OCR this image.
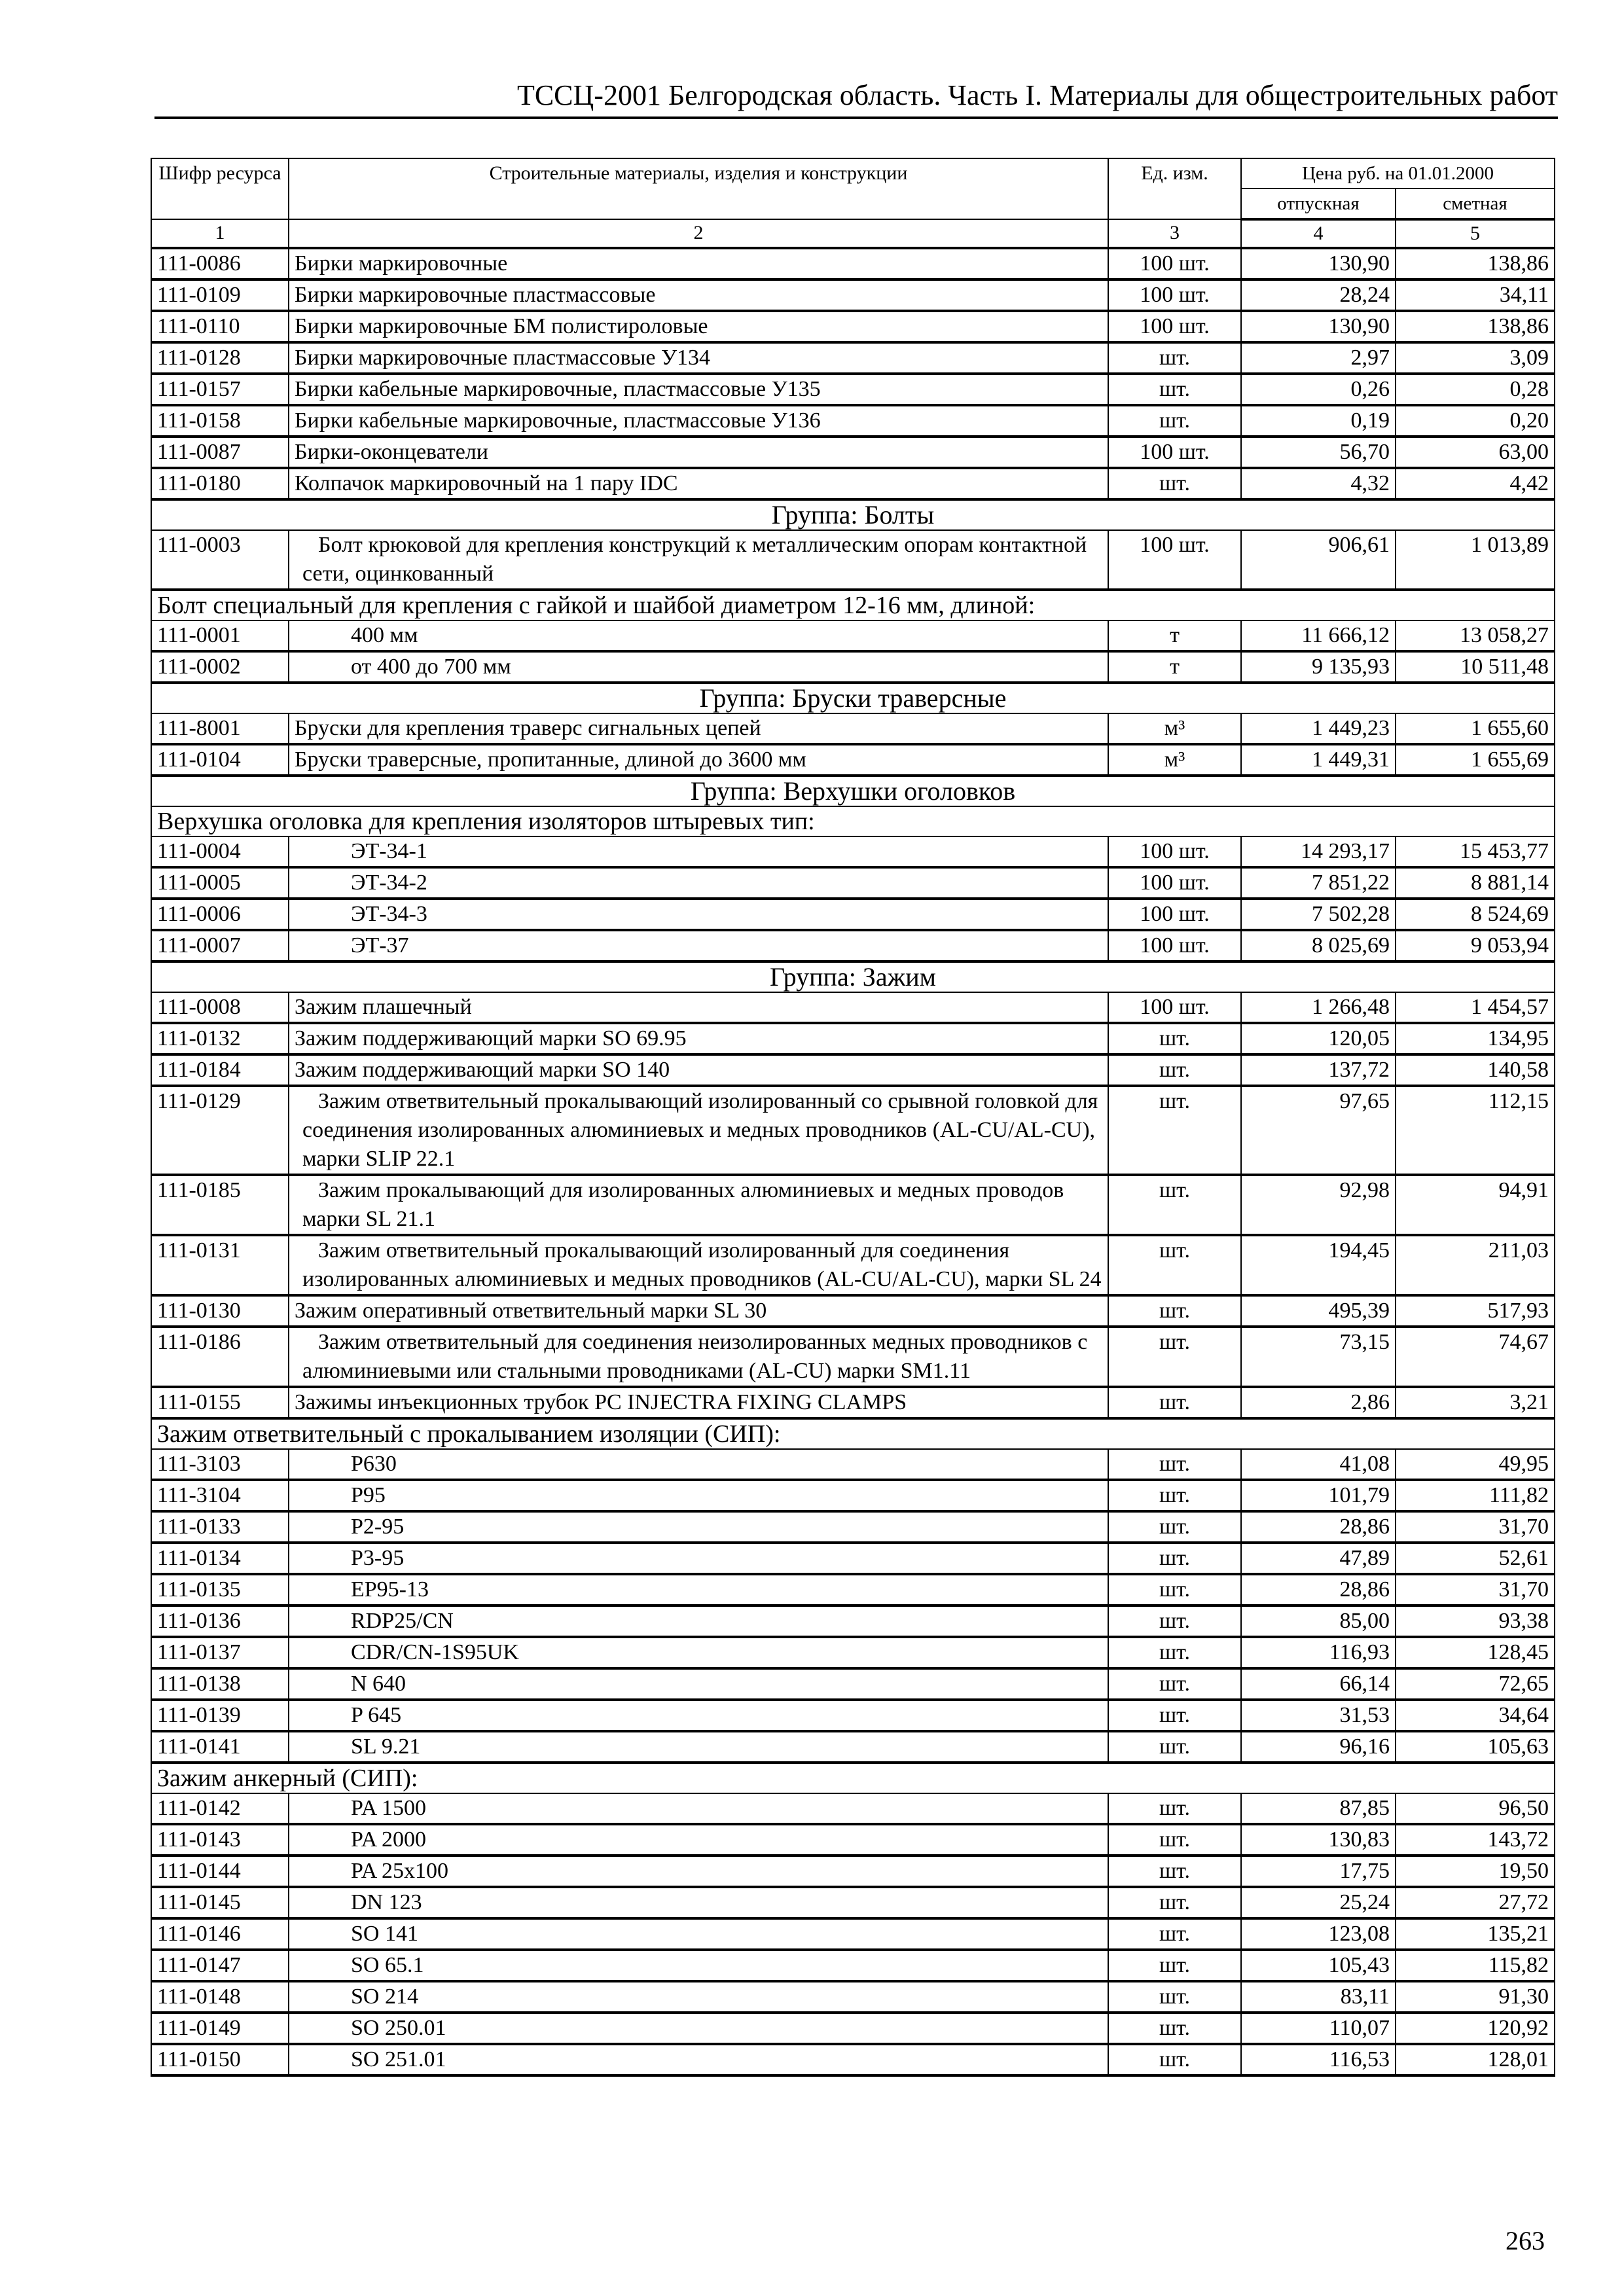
ТССЦ-2001 Белгородская область. Часть I. Материалы для общестроительных работ
Шифр ресурса	Строительные материалы, изделия и конструкции	Ед. изм.	Цена руб. на 01.01.2000	
			отпускная	сметная
1	2	3	4	5
111-0086	Бирки маркировочные	100 шт.	130,90	138,86
111-0109	Бирки маркировочные пластмассовые	100 шт.	28,24	34,11
111-0110	Бирки маркировочные БМ полистироловые	100 шт.	130,90	138,86
111-0128	Бирки маркировочные пластмассовые У134	шт.	2,97	3,09
111-0157	Бирки кабельные маркировочные, пластмассовые У135	шт.	0,26	0,28
111-0158	Бирки кабельные маркировочные, пластмассовые У136	шт.	0,19	0,20
111-0087	Бирки-оконцеватели	100 шт.	56,70	63,00
111-0180	Колпачок маркировочный на 1 пару IDC	шт.	4,32	4,42
Группа: Болты				
111-0003	Болт крюковой для крепления конструкций к металлическим опорам контактной сети, оцинкованный	100 шт.	906,61	1 013,89
Болт специальный для крепления с гайкой и шайбой диаметром 12-16 мм, длиной:				
111-0001	400 мм	т	11 666,12	13 058,27
111-0002	от 400 до 700 мм	т	9 135,93	10 511,48
Группа: Бруски траверсные				
111-8001	Бруски для крепления траверс сигнальных цепей	м³	1 449,23	1 655,60
111-0104	Бруски траверсные, пропитанные, длиной до 3600 мм	м³	1 449,31	1 655,69
Группа: Верхушки оголовков				
Верхушка оголовка для крепления изоляторов штыревых тип:				
111-0004	ЭТ-34-1	100 шт.	14 293,17	15 453,77
111-0005	ЭТ-34-2	100 шт.	7 851,22	8 881,14
111-0006	ЭТ-34-3	100 шт.	7 502,28	8 524,69
111-0007	ЭТ-37	100 шт.	8 025,69	9 053,94
Группа: Зажим				
111-0008	Зажим плашечный	100 шт.	1 266,48	1 454,57
111-0132	Зажим поддерживающий марки SO 69.95	шт.	120,05	134,95
111-0184	Зажим поддерживающий марки SO 140	шт.	137,72	140,58
111-0129	Зажим ответвительный прокалывающий изолированный со срывной головкой для соединения изолированных алюминиевых и медных проводников (AL-CU/AL-CU), марки SLIP 22.1	шт.	97,65	112,15
111-0185	Зажим прокалывающий для изолированных алюминиевых и медных проводов марки SL 21.1	шт.	92,98	94,91
111-0131	Зажим ответвительный прокалывающий изолированный для соединения изолированных алюминиевых и медных проводников (AL-CU/AL-CU), марки SL 24	шт.	194,45	211,03
111-0130	Зажим оперативный ответвительный марки SL 30	шт.	495,39	517,93
111-0186	Зажим ответвительный для соединения неизолированных медных проводников с алюминиевыми или стальными проводниками (AL-CU) марки SM1.11	шт.	73,15	74,67
111-0155	Зажимы инъекционных трубок PC INJECTRA FIXING CLAMPS	шт.	2,86	3,21
Зажим ответвительный с прокалыванием изоляции (СИП):				
111-3103	P630	шт.	41,08	49,95
111-3104	P95	шт.	101,79	111,82
111-0133	P2-95	шт.	28,86	31,70
111-0134	P3-95	шт.	47,89	52,61
111-0135	EP95-13	шт.	28,86	31,70
111-0136	RDP25/CN	шт.	85,00	93,38
111-0137	CDR/CN-1S95UK	шт.	116,93	128,45
111-0138	N 640	шт.	66,14	72,65
111-0139	P 645	шт.	31,53	34,64
111-0141	SL 9.21	шт.	96,16	105,63
Зажим анкерный (СИП):				
111-0142	PA 1500	шт.	87,85	96,50
111-0143	PA 2000	шт.	130,83	143,72
111-0144	PA 25x100	шт.	17,75	19,50
111-0145	DN 123	шт.	25,24	27,72
111-0146	SO 141	шт.	123,08	135,21
111-0147	SO 65.1	шт.	105,43	115,82
111-0148	SO 214	шт.	83,11	91,30
111-0149	SO 250.01	шт.	110,07	120,92
111-0150	SO 251.01	шт.	116,53	128,01
263
